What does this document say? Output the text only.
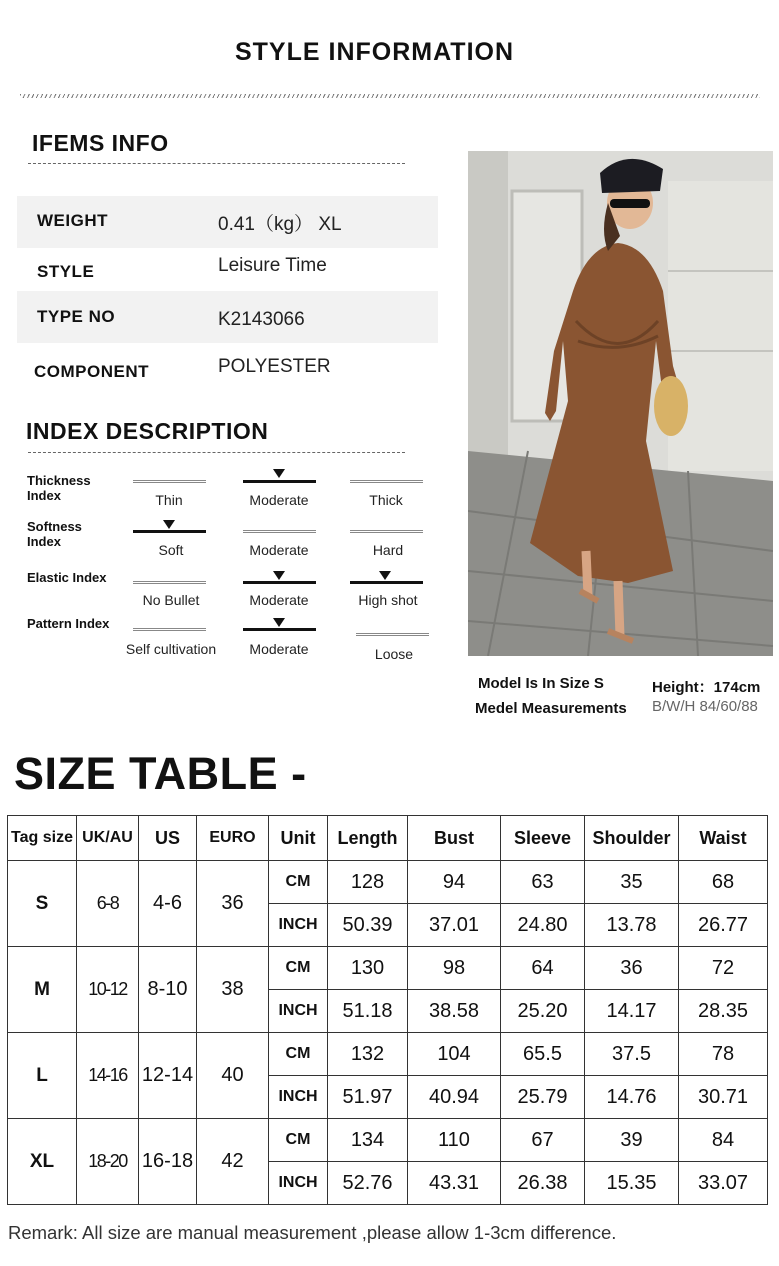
STYLE INFORMATION
IFEMS INFO
WEIGHT	0.41（kg） XL
STYLE	Leisure Time
TYPE NO	K2143066
COMPONENT	POLYESTER
INDEX DESCRIPTION
Thickness Index	Thin	Moderate	Thick
Softness Index
Soft	Moderate	Hard
Elastic Index
No Bullet	Moderate	High shot
Pattern Index
Self cultivation	Moderate	Loose
Model Is In Size S
Medel Measurements
Height：174cm
B/W/H 84/60/88
SIZE TABLE -
Tag size	UK/AU	US	EURO	Unit	Length	Bust	Sleeve	Shoulder	Waist
S	6-8	4-6	36	CM	128	94	63	35	68
				INCH	50.39	37.01	24.80	13.78	26.77
M	10-12	8-10	38	CM	130	98	64	36	72
				INCH	51.18	38.58	25.20	14.17	28.35
L	14-16	12-14	40	CM	132	104	65.5	37.5	78
				INCH	51.97	40.94	25.79	14.76	30.71
XL	18-20	16-18	42	CM	134	110	67	39	84
				INCH	52.76	43.31	26.38	15.35	33.07
Remark: All size are manual measurement ,please allow 1-3cm difference.
